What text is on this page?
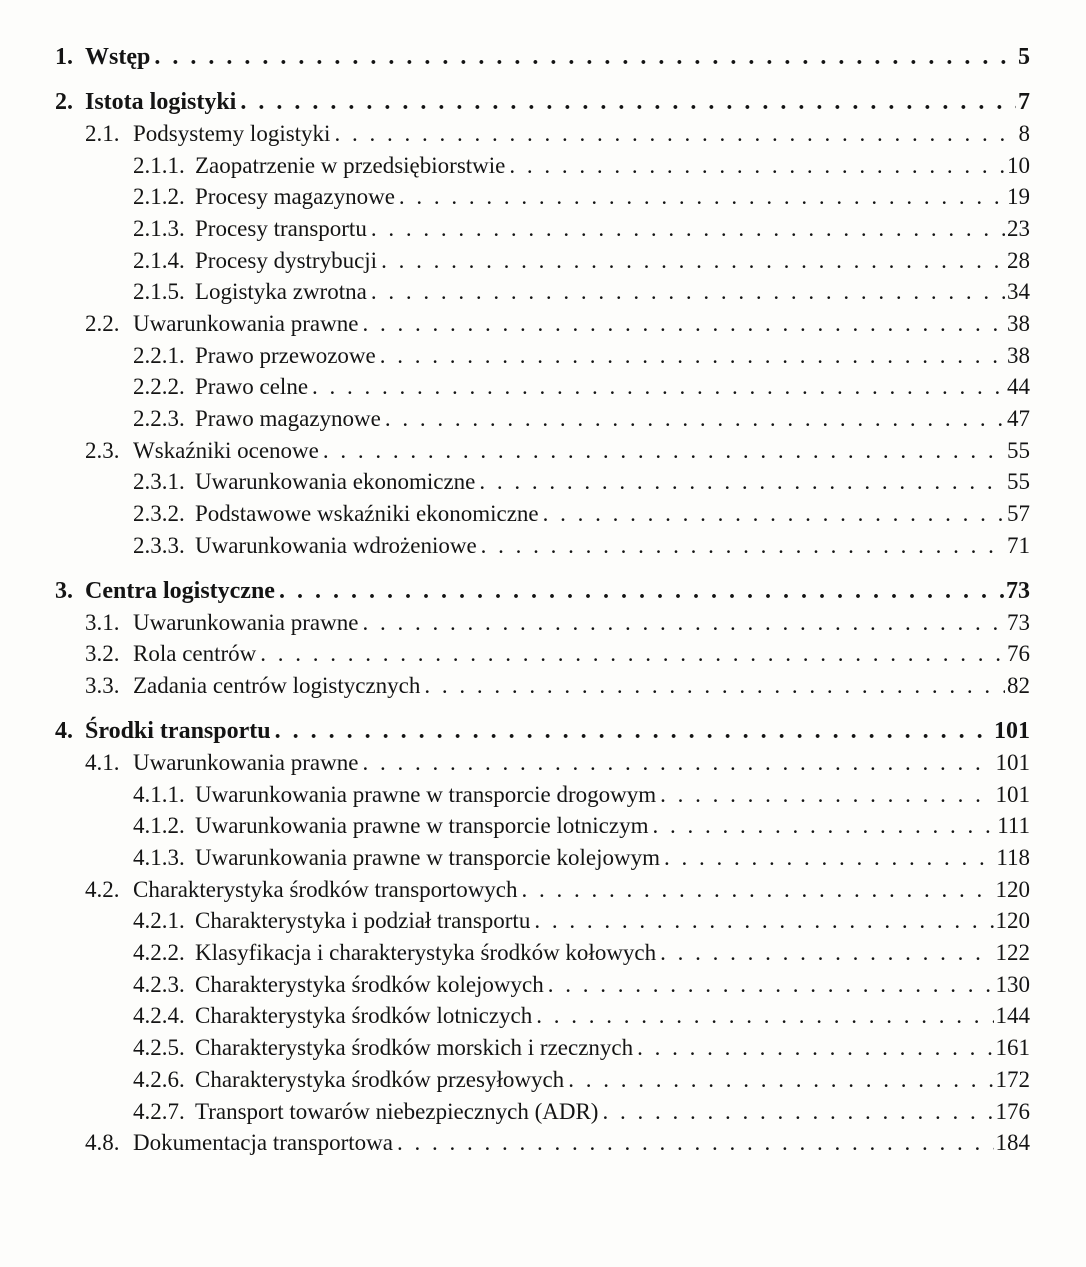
1. Wstęp . . .	5
2. Istota logistyki . . .	7
2.1. Podsystemy logistyki . . .	8
2.1.1. Zaopatrzenie w przedsiębiorstwie . . .	10
2.1.2. Procesy magazynowe . . .	19
2.1.3. Procesy transportu . . .	23
2.1.4. Procesy dystrybucji . . .	28
2.1.5. Logistyka zwrotna . . .	34
2.2. Uwarunkowania prawne . . .	38
2.2.1. Prawo przewozowe . . .	38
2.2.2. Prawo celne . . .	44
2.2.3. Prawo magazynowe . . .	47
2.3. Wskaźniki ocenowe . . .	55
2.3.1. Uwarunkowania ekonomiczne . . .	55
2.3.2. Podstawowe wskaźniki ekonomiczne . . .	57
2.3.3. Uwarunkowania wdrożeniowe . . .	71
3. Centra logistyczne . . .	73
3.1. Uwarunkowania prawne . . .	73
3.2. Rola centrów . . .	76
3.3. Zadania centrów logistycznych . . .	82
4. Środki transportu . . .	101
4.1. Uwarunkowania prawne . . .	101
4.1.1. Uwarunkowania prawne w transporcie drogowym . . .	101
4.1.2. Uwarunkowania prawne w transporcie lotniczym . . .	111
4.1.3. Uwarunkowania prawne w transporcie kolejowym . . .	118
4.2. Charakterystyka środków transportowych . . .	120
4.2.1. Charakterystyka i podział transportu . . .	120
4.2.2. Klasyfikacja i charakterystyka środków kołowych . . .	122
4.2.3. Charakterystyka środków kolejowych . . .	130
4.2.4. Charakterystyka środków lotniczych . . .	144
4.2.5. Charakterystyka środków morskich i rzecznych . . .	161
4.2.6. Charakterystyka środków przesyłowych . . .	172
4.2.7. Transport towarów niebezpiecznych (ADR) . . .	176
4.8. Dokumentacja transportowa . . .	184
